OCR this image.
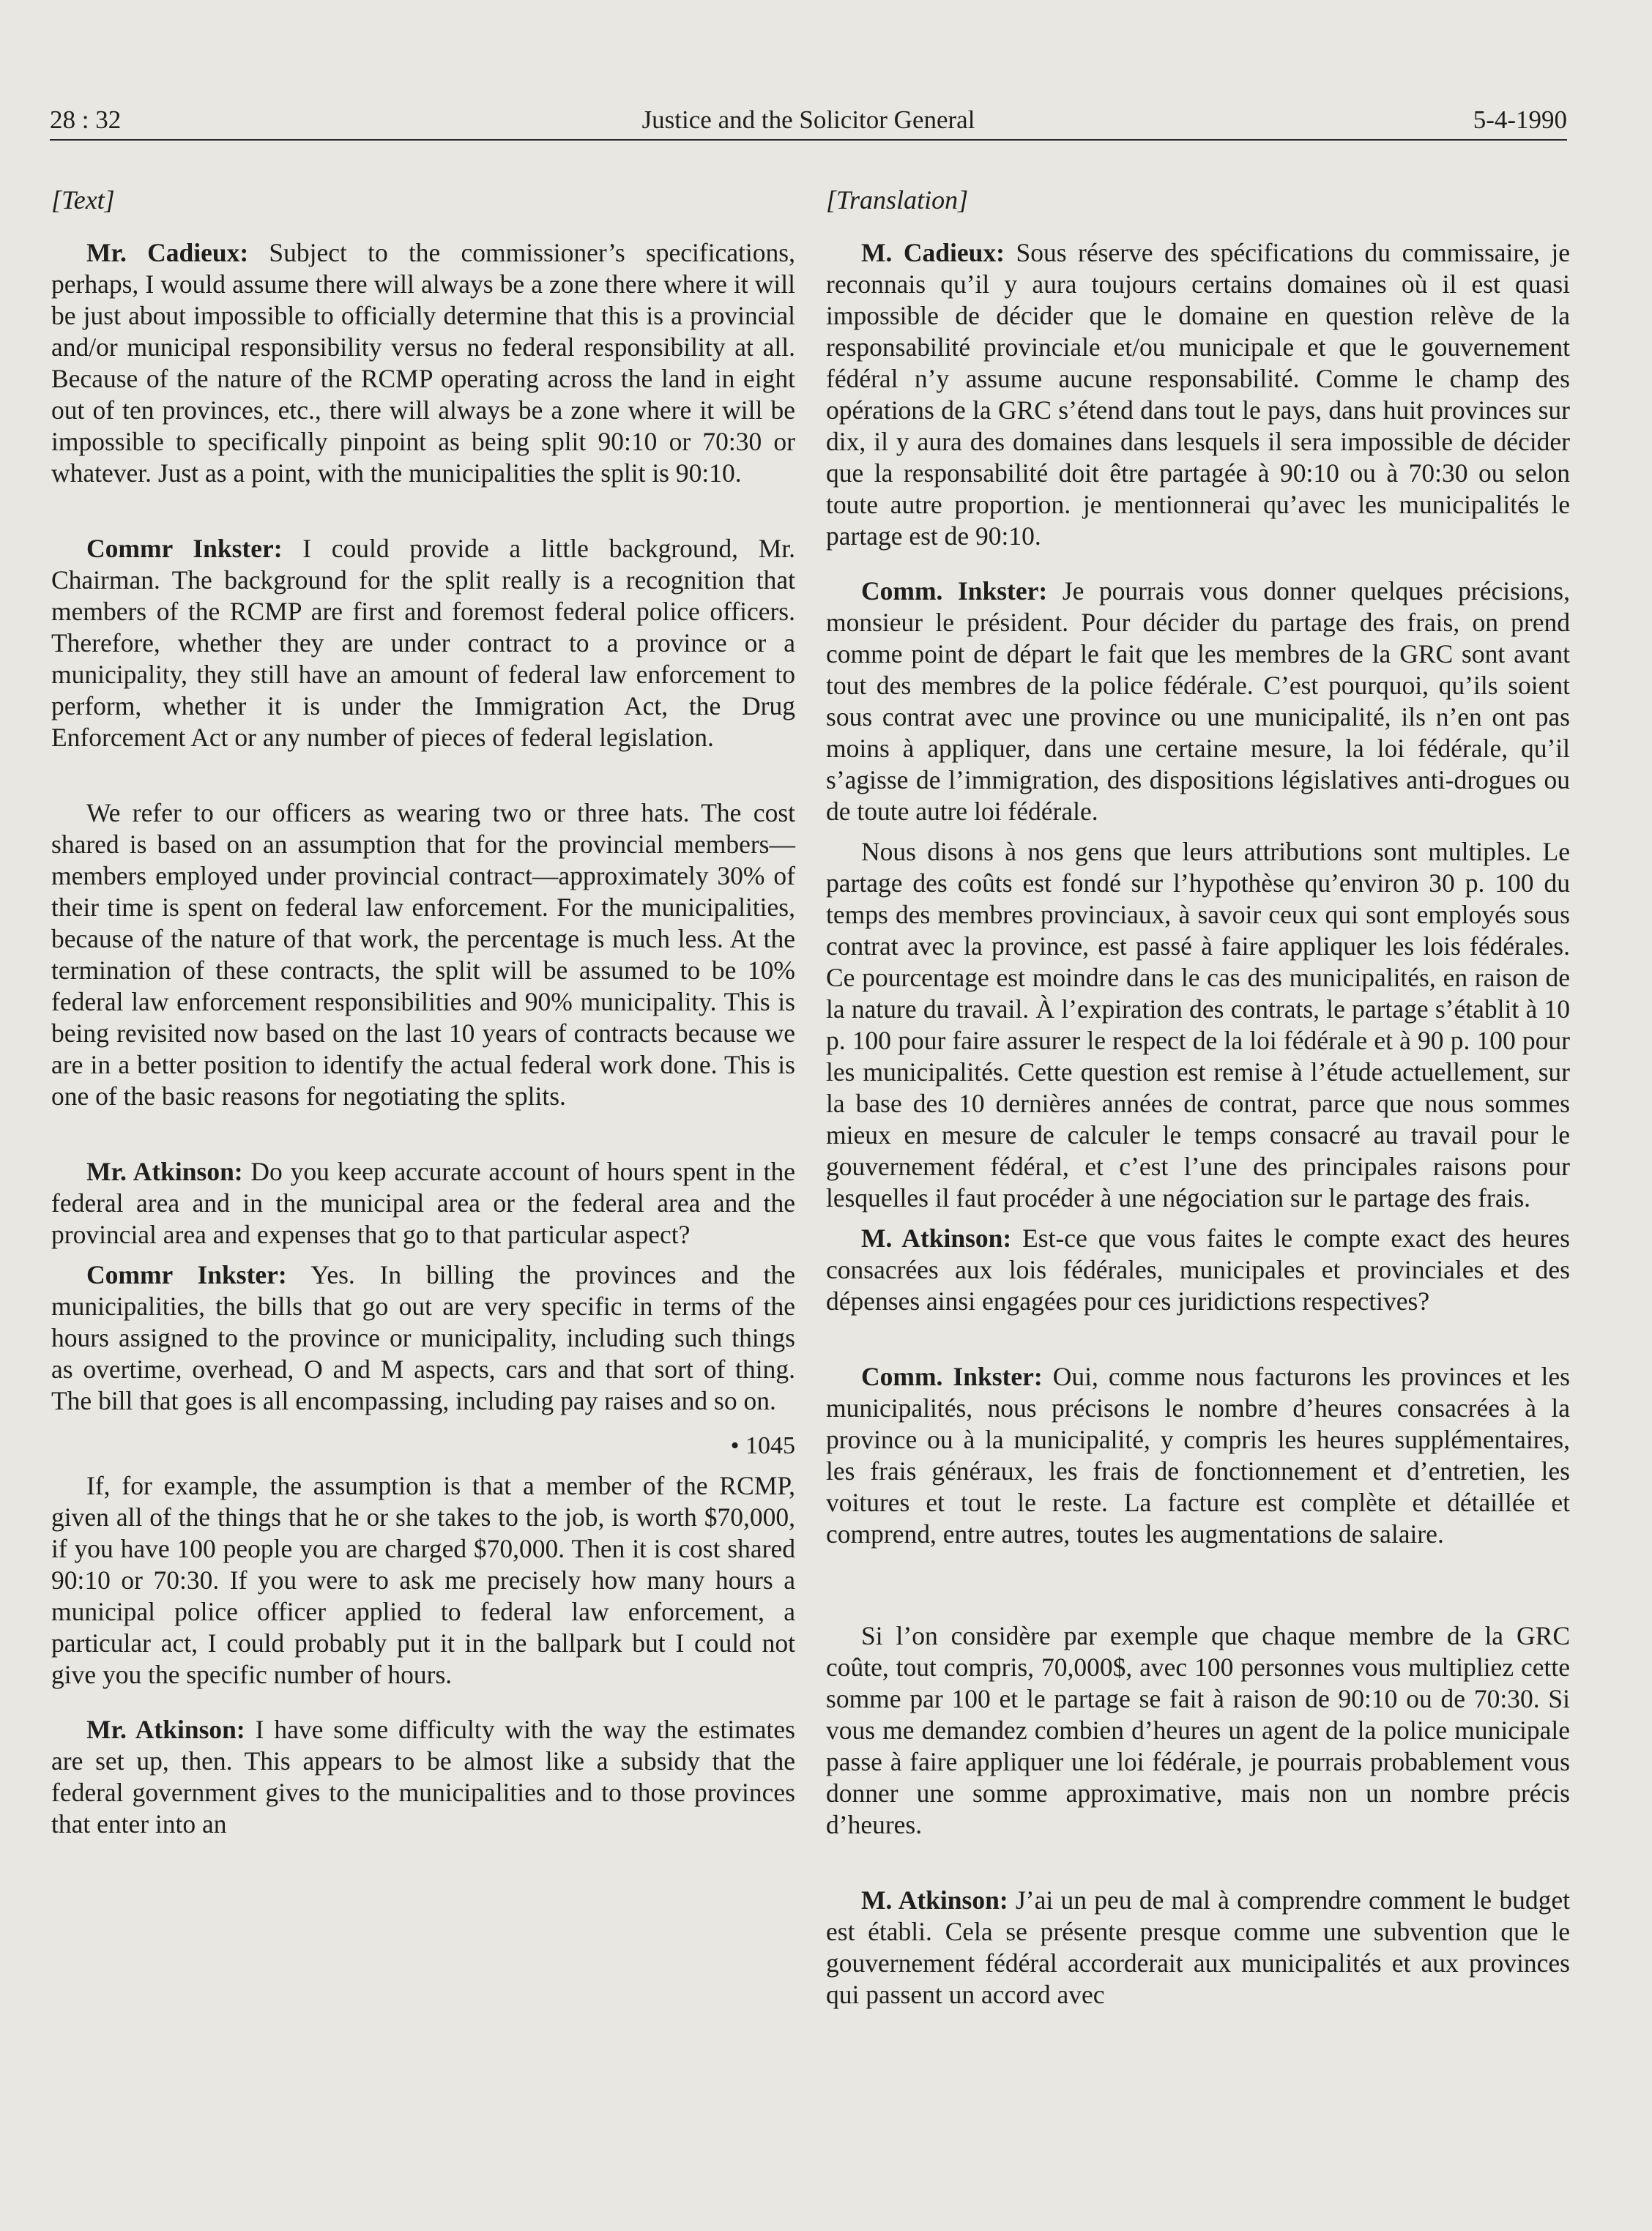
28 : 32	Justice and the Solicitor General	5-4-1990

[Text]

Mr. Cadieux: Subject to the commissioner’s specifications, perhaps, I would assume there will always be a zone there where it will be just about impossible to officially determine that this is a provincial and/or municipal responsibility versus no federal responsibility at all. Because of the nature of the RCMP operating across the land in eight out of ten provinces, etc., there will always be a zone where it will be impossible to specifically pinpoint as being split 90:10 or 70:30 or whatever. Just as a point, with the municipalities the split is 90:10.

Commr Inkster: I could provide a little background, Mr. Chairman. The background for the split really is a recognition that members of the RCMP are first and foremost federal police officers. Therefore, whether they are under contract to a province or a municipality, they still have an amount of federal law enforcement to perform, whether it is under the Immigration Act, the Drug Enforcement Act or any number of pieces of federal legislation.

We refer to our officers as wearing two or three hats. The cost shared is based on an assumption that for the provincial members—members employed under provincial contract—approximately 30% of their time is spent on federal law enforcement. For the municipalities, because of the nature of that work, the percentage is much less. At the termination of these contracts, the split will be assumed to be 10% federal law enforcement responsibilities and 90% municipality. This is being revisited now based on the last 10 years of contracts because we are in a better position to identify the actual federal work done. This is one of the basic reasons for negotiating the splits.

Mr. Atkinson: Do you keep accurate account of hours spent in the federal area and in the municipal area or the federal area and the provincial area and expenses that go to that particular aspect?

Commr Inkster: Yes. In billing the provinces and the municipalities, the bills that go out are very specific in terms of the hours assigned to the province or municipality, including such things as overtime, overhead, O and M aspects, cars and that sort of thing. The bill that goes is all encompassing, including pay raises and so on.

• 1045

If, for example, the assumption is that a member of the RCMP, given all of the things that he or she takes to the job, is worth $70,000, if you have 100 people you are charged $70,000. Then it is cost shared 90:10 or 70:30. If you were to ask me precisely how many hours a municipal police officer applied to federal law enforcement, a particular act, I could probably put it in the ballpark but I could not give you the specific number of hours.

Mr. Atkinson: I have some difficulty with the way the estimates are set up, then. This appears to be almost like a subsidy that the federal government gives to the municipalities and to those provinces that enter into an

[Translation]

M. Cadieux: Sous réserve des spécifications du commissaire, je reconnais qu’il y aura toujours certains domaines où il est quasi impossible de décider que le domaine en question relève de la responsabilité provinciale et/ou municipale et que le gouvernement fédéral n’y assume aucune responsabilité. Comme le champ des opérations de la GRC s’étend dans tout le pays, dans huit provinces sur dix, il y aura des domaines dans lesquels il sera impossible de décider que la responsabilité doit être partagée à 90:10 ou à 70:30 ou selon toute autre proportion. je mentionnerai qu’avec les municipalités le partage est de 90:10.

Comm. Inkster: Je pourrais vous donner quelques précisions, monsieur le président. Pour décider du partage des frais, on prend comme point de départ le fait que les membres de la GRC sont avant tout des membres de la police fédérale. C’est pourquoi, qu’ils soient sous contrat avec une province ou une municipalité, ils n’en ont pas moins à appliquer, dans une certaine mesure, la loi fédérale, qu’il s’agisse de l’immigration, des dispositions législatives anti-drogues ou de toute autre loi fédérale.

Nous disons à nos gens que leurs attributions sont multiples. Le partage des coûts est fondé sur l’hypothèse qu’environ 30 p. 100 du temps des membres provinciaux, à savoir ceux qui sont employés sous contrat avec la province, est passé à faire appliquer les lois fédérales. Ce pourcentage est moindre dans le cas des municipalités, en raison de la nature du travail. À l’expiration des contrats, le partage s’établit à 10 p. 100 pour faire assurer le respect de la loi fédérale et à 90 p. 100 pour les municipalités. Cette question est remise à l’étude actuellement, sur la base des 10 dernières années de contrat, parce que nous sommes mieux en mesure de calculer le temps consacré au travail pour le gouvernement fédéral, et c’est l’une des principales raisons pour lesquelles il faut procéder à une négociation sur le partage des frais.

M. Atkinson: Est-ce que vous faites le compte exact des heures consacrées aux lois fédérales, municipales et provinciales et des dépenses ainsi engagées pour ces juridictions respectives?

Comm. Inkster: Oui, comme nous facturons les provinces et les municipalités, nous précisons le nombre d’heures consacrées à la province ou à la municipalité, y compris les heures supplémentaires, les frais généraux, les frais de fonctionnement et d’entretien, les voitures et tout le reste. La facture est complète et détaillée et comprend, entre autres, toutes les augmentations de salaire.

Si l’on considère par exemple que chaque membre de la GRC coûte, tout compris, 70,000$, avec 100 personnes vous multipliez cette somme par 100 et le partage se fait à raison de 90:10 ou de 70:30. Si vous me demandez combien d’heures un agent de la police municipale passe à faire appliquer une loi fédérale, je pourrais probablement vous donner une somme approximative, mais non un nombre précis d’heures.

M. Atkinson: J’ai un peu de mal à comprendre comment le budget est établi. Cela se présente presque comme une subvention que le gouvernement fédéral accorderait aux municipalités et aux provinces qui passent un accord avec
